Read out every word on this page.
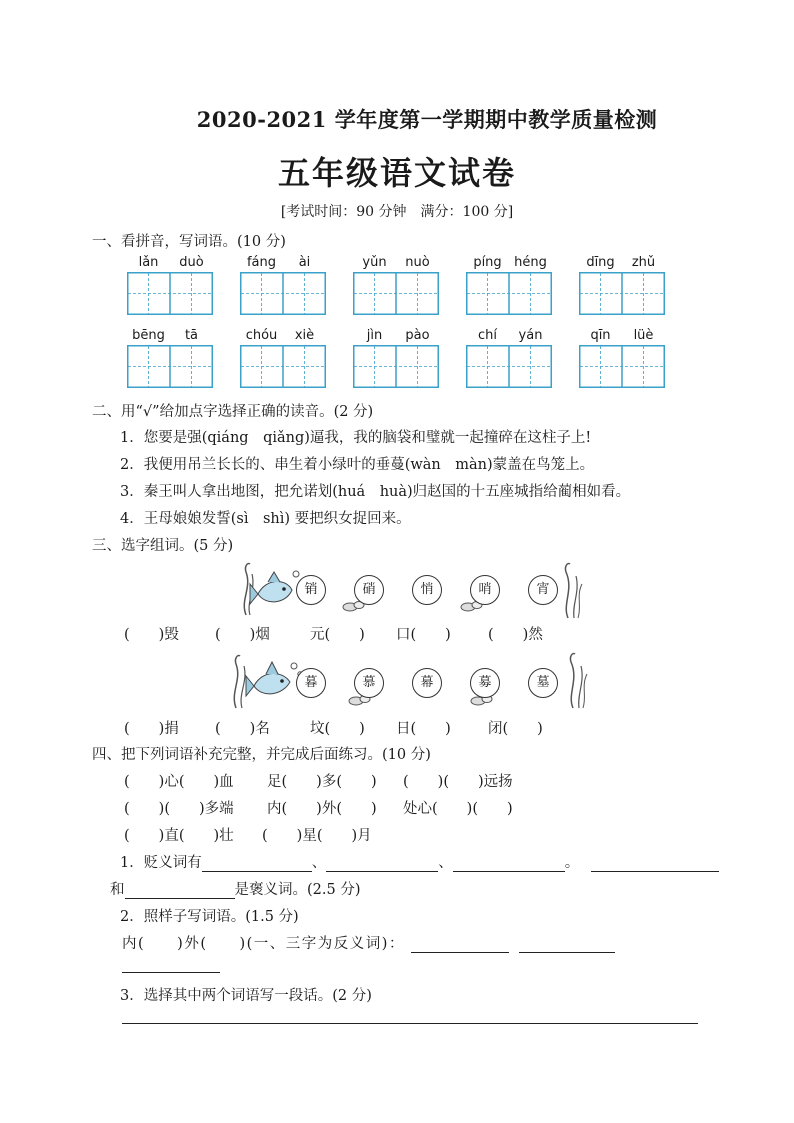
2020-2021 学年度第一学期期中教学质量检测
五年级语文试卷
[考试时间：90 分钟　满分：100 分]
一、看拼音，写词语。(10 分)
lǎn	duò	fáng	ài	yǔn	nuò	píng héng	dīng	zhǔ
bēng	tā	chóu	xiè	jìn	pào	chí	yán	qīn	lüè
二、用“√”给加点字选择正确的读音。(2 分)
1．您要是强(qiáng　qiǎng)逼我，我的脑袋和璧就一起撞碎在这柱子上!
2．我便用吊兰长长的、串生着小绿叶的垂蔓(wàn　màn)蒙盖在鸟笼上。
3．秦王叫人拿出地图，把允诺划(huá　huà)归赵国的十五座城指给蔺相如看。
4．王母娘娘发誓(sì　shì) 要把织女捉回来。
三、选字组词。(5 分)
销	硝	悄	哨	宵
(　　)毁 (　　)烟	元(　　) 口(　　)	(　　)然
暮	慕	幕	募	墓
(　　)捐 (　　)名	坟(　　) 日(　　)	闭(　　)
四、把下列词语补充完整，并完成后面练习。(10 分)
(　　)心(　　)血 足(　　)多(　　) (　　)(　　)远扬
(　　)(　　)多端 内(　　)外(　　) 处心(　　)(　　)
(　　)直(　　)壮 (　　)星(　　)月
1．贬义词有	、	、	。
和	是褒义词。(2.5 分)
2．照样子写词语。(1.5 分)
内(　　)外(　　)(一、三字为反义词)：
3．选择其中两个词语写一段话。(2 分)
